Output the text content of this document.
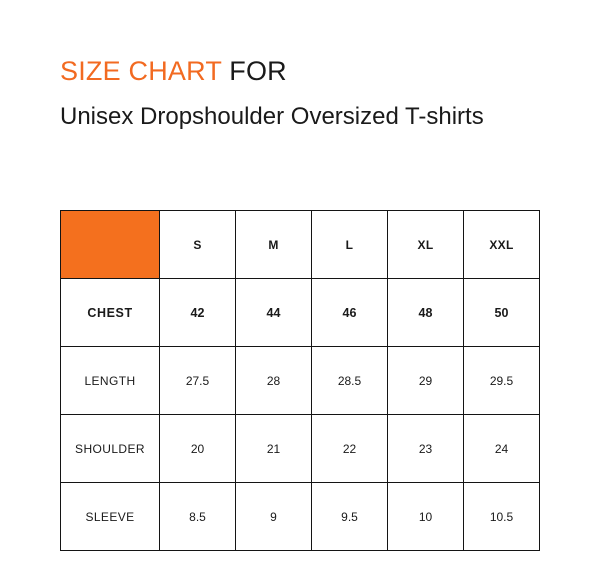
SIZE CHART FOR
Unisex Dropshoulder Oversized T-shirts
	S	M	L	XL	XXL
CHEST	42	44	46	48	50
LENGTH	27.5	28	28.5	29	29.5
SHOULDER	20	21	22	23	24
SLEEVE	8.5	9	9.5	10	10.5
